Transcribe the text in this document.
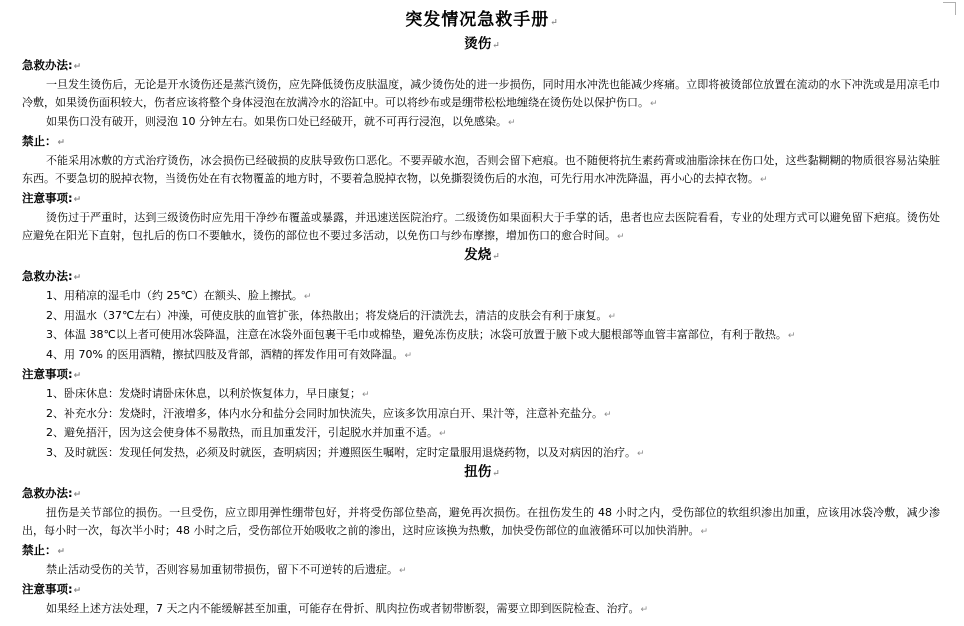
突发情况急救手册↵
烫伤↵
急救办法:↵

一旦发生烫伤后，无论是开水烫伤还是蒸汽烫伤，应先降低烫伤皮肤温度，减少烫伤处的进一步损伤，同时用水冲洗也能减少疼痛。立即将被烫部位放置在流动的水下冲洗或是用凉毛巾冷敷，如果烫伤面积较大，伤者应该将整个身体浸泡在放满冷水的浴缸中。可以将纱布或是绷带松松地缠绕在烫伤处以保护伤口。↵

如果伤口没有破开，则浸泡 10 分钟左右。如果伤口处已经破开，就不可再行浸泡，以免感染。↵

禁止：↵

不能采用冰敷的方式治疗烫伤，冰会损伤已经破损的皮肤导致伤口恶化。不要弄破水泡，否则会留下疤痕。也不随便将抗生素药膏或油脂涂抹在伤口处，这些黏糊糊的物质很容易沾染脏东西。不要急切的脱掉衣物，当烫伤处在有衣物覆盖的地方时，不要着急脱掉衣物，以免撕裂烫伤后的水泡，可先行用水冲洗降温，再小心的去掉衣物。↵

注意事项:↵

烫伤过于严重时，达到三级烫伤时应先用干净纱布覆盖或暴露，并迅速送医院治疗。二级烫伤如果面积大于手掌的话，患者也应去医院看看，专业的处理方式可以避免留下疤痕。烫伤处应避免在阳光下直射，包扎后的伤口不要触水，烫伤的部位也不要过多活动，以免伤口与纱布摩擦，增加伤口的愈合时间。↵

发烧↵
急救办法:↵
1、用稍凉的湿毛巾（约 25℃）在额头、脸上擦拭。↵
2、用温水（37℃左右）冲澡，可使皮肤的血管扩张，体热散出；将发烧后的汗渍洗去，清洁的皮肤会有利于康复。↵
3、体温 38℃以上者可使用冰袋降温，注意在冰袋外面包裹干毛巾或棉垫，避免冻伤皮肤；冰袋可放置于腋下或大腿根部等血管丰富部位，有利于散热。↵
4、用 70% 的医用酒精，擦拭四肢及背部，酒精的挥发作用可有效降温。↵
注意事项:↵
1、卧床休息：发烧时请卧床休息，以利於恢复体力，早日康复；↵
2、补充水分：发烧时，汗液增多，体内水分和盐分会同时加快流失，应该多饮用凉白开、果汁等，注意补充盐分。↵
2、避免捂汗，因为这会使身体不易散热，而且加重发汗，引起脱水并加重不适。↵
3、及时就医：发现任何发热，必须及时就医，查明病因；并遵照医生嘱咐，定时定量服用退烧药物，以及对病因的治疗。↵
扭伤↵
急救办法:↵

扭伤是关节部位的损伤。一旦受伤，应立即用弹性绷带包好，并将受伤部位垫高，避免再次损伤。在扭伤发生的 48 小时之内，受伤部位的软组织渗出加重，应该用冰袋冷敷，减少渗出，每小时一次，每次半小时；48 小时之后，受伤部位开始吸收之前的渗出，这时应该换为热敷，加快受伤部位的血液循环可以加快消肿。↵

禁止：↵

禁止活动受伤的关节，否则容易加重韧带损伤，留下不可逆转的后遗症。↵

注意事项:↵

如果经上述方法处理，7 天之内不能缓解甚至加重，可能存在骨折、肌肉拉伤或者韧带断裂，需要立即到医院检查、治疗。↵
